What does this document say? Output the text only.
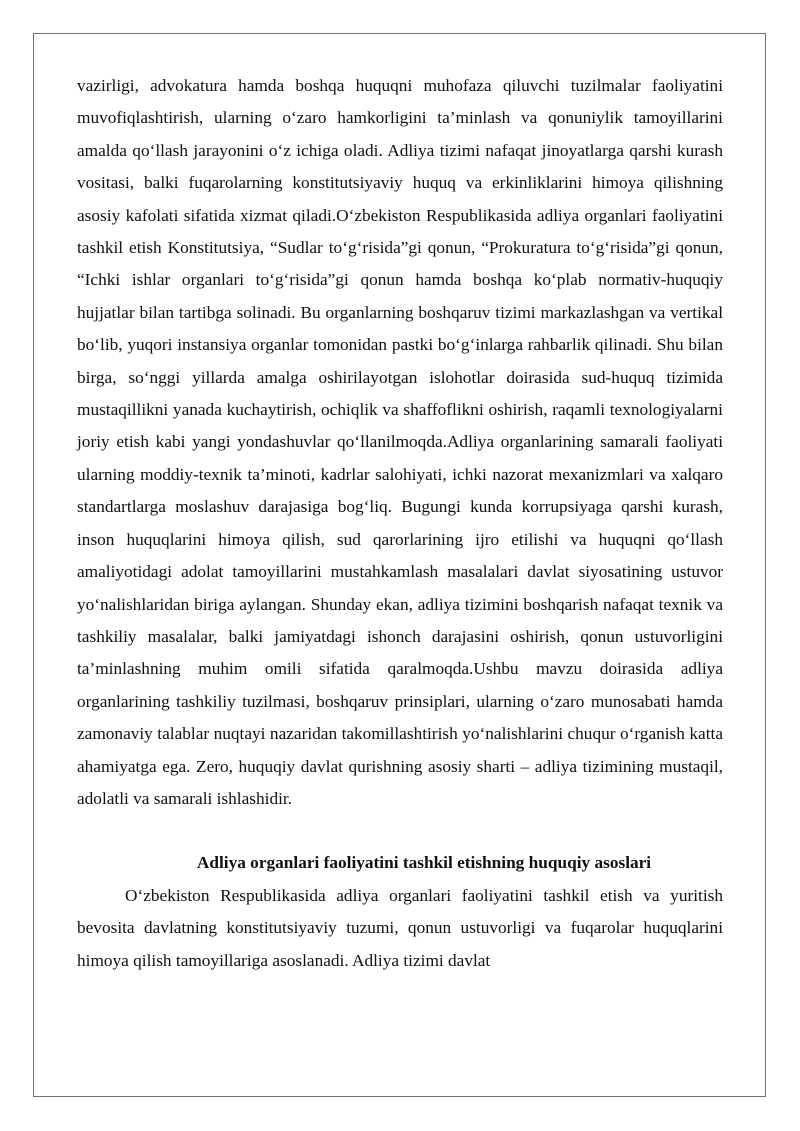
vazirligi, advokatura hamda boshqa huquqni muhofaza qiluvchi tuzilmalar faoliyatini muvofiqlashtirish, ularning o‘zaro hamkorligini ta’minlash va qonuniylik tamoyillarini amalda qo‘llash jarayonini o‘z ichiga oladi. Adliya tizimi nafaqat jinoyatlarga qarshi kurash vositasi, balki fuqarolarning konstitutsiyaviy huquq va erkinliklarini himoya qilishning asosiy kafolati sifatida xizmat qiladi.O‘zbekiston Respublikasida adliya organlari faoliyatini tashkil etish Konstitutsiya, “Sudlar to‘g‘risida”gi qonun, “Prokuratura to‘g‘risida”gi qonun, “Ichki ishlar organlari to‘g‘risida”gi qonun hamda boshqa ko‘plab normativ-huquqiy hujjatlar bilan tartibga solinadi. Bu organlarning boshqaruv tizimi markazlashgan va vertikal bo‘lib, yuqori instansiya organlar tomonidan pastki bo‘g‘inlarga rahbarlik qilinadi. Shu bilan birga, so‘nggi yillarda amalga oshirilayotgan islohotlar doirasida sud-huquq tizimida mustaqillikni yanada kuchaytirish, ochiqlik va shaffoflikni oshirish, raqamli texnologiyalarni joriy etish kabi yangi yondashuvlar qo‘llanilmoqda.Adliya organlarining samarali faoliyati ularning moddiy-texnik ta’minoti, kadrlar salohiyati, ichki nazorat mexanizmlari va xalqaro standartlarga moslashuv darajasiga bog‘liq. Bugungi kunda korrupsiyaga qarshi kurash, inson huquqlarini himoya qilish, sud qarorlarining ijro etilishi va huquqni qo‘llash amaliyotidagi adolat tamoyillarini mustahkamlash masalalari davlat siyosatining ustuvor yo‘nalishlaridan biriga aylangan. Shunday ekan, adliya tizimini boshqarish nafaqat texnik va tashkiliy masalalar, balki jamiyatdagi ishonch darajasini oshirish, qonun ustuvorligini ta’minlashning muhim omili sifatida qaralmoqda.Ushbu mavzu doirasida adliya organlarining tashkiliy tuzilmasi, boshqaruv prinsiplari, ularning o‘zaro munosabati hamda zamonaviy talablar nuqtayi nazaridan takomillashtirish yo‘nalishlarini chuqur o‘rganish katta ahamiyatga ega. Zero, huquqiy davlat qurishning asosiy sharti – adliya tizimining mustaqil, adolatli va samarali ishlashidir.

Adliya organlari faoliyatini tashkil etishning huquqiy asoslari

O‘zbekiston Respublikasida adliya organlari faoliyatini tashkil etish va yuritish bevosita davlatning konstitutsiyaviy tuzumi, qonun ustuvorligi va fuqarolar huquqlarini himoya qilish tamoyillariga asoslanadi. Adliya tizimi davlat
